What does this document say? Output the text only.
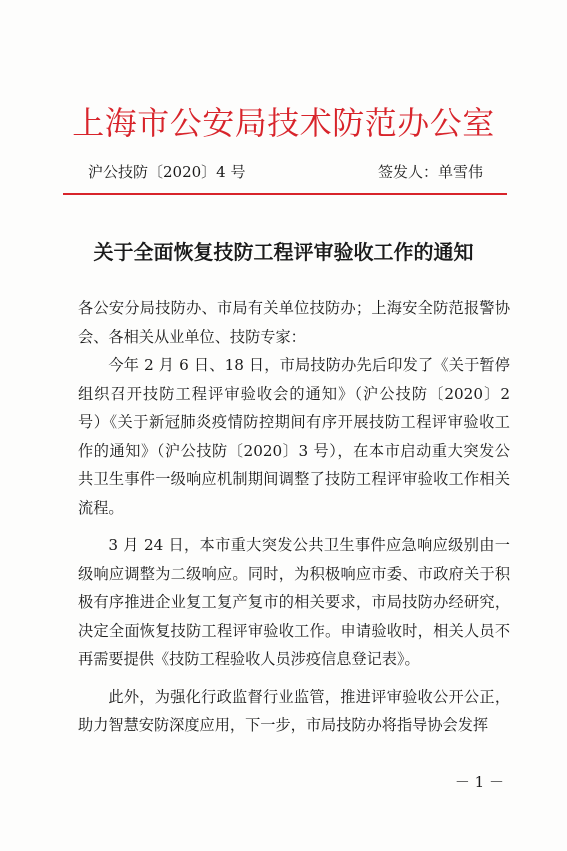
上海市公安局技术防范办公室
沪公技防〔2020〕4 号	签发人：单雪伟
关于全面恢复技防工程评审验收工作的通知

各公安分局技防办、市局有关单位技防办；上海安全防范报警协会、各相关从业单位、技防专家：

今年 2 月 6 日、18 日，市局技防办先后印发了《关于暂停组织召开技防工程评审验收会的通知》（沪公技防〔2020〕2 号）《关于新冠肺炎疫情防控期间有序开展技防工程评审验收工作的通知》（沪公技防〔2020〕3 号），在本市启动重大突发公共卫生事件一级响应机制期间调整了技防工程评审验收工作相关流程。

3 月 24 日，本市重大突发公共卫生事件应急响应级别由一级响应调整为二级响应。同时，为积极响应市委、市政府关于积极有序推进企业复工复产复市的相关要求，市局技防办经研究，决定全面恢复技防工程评审验收工作。申请验收时，相关人员不再需要提供《技防工程验收人员涉疫信息登记表》。

此外，为强化行政监督行业监管，推进评审验收公开公正，助力智慧安防深度应用，下一步，市局技防办将指导协会发挥

－ 1 －
